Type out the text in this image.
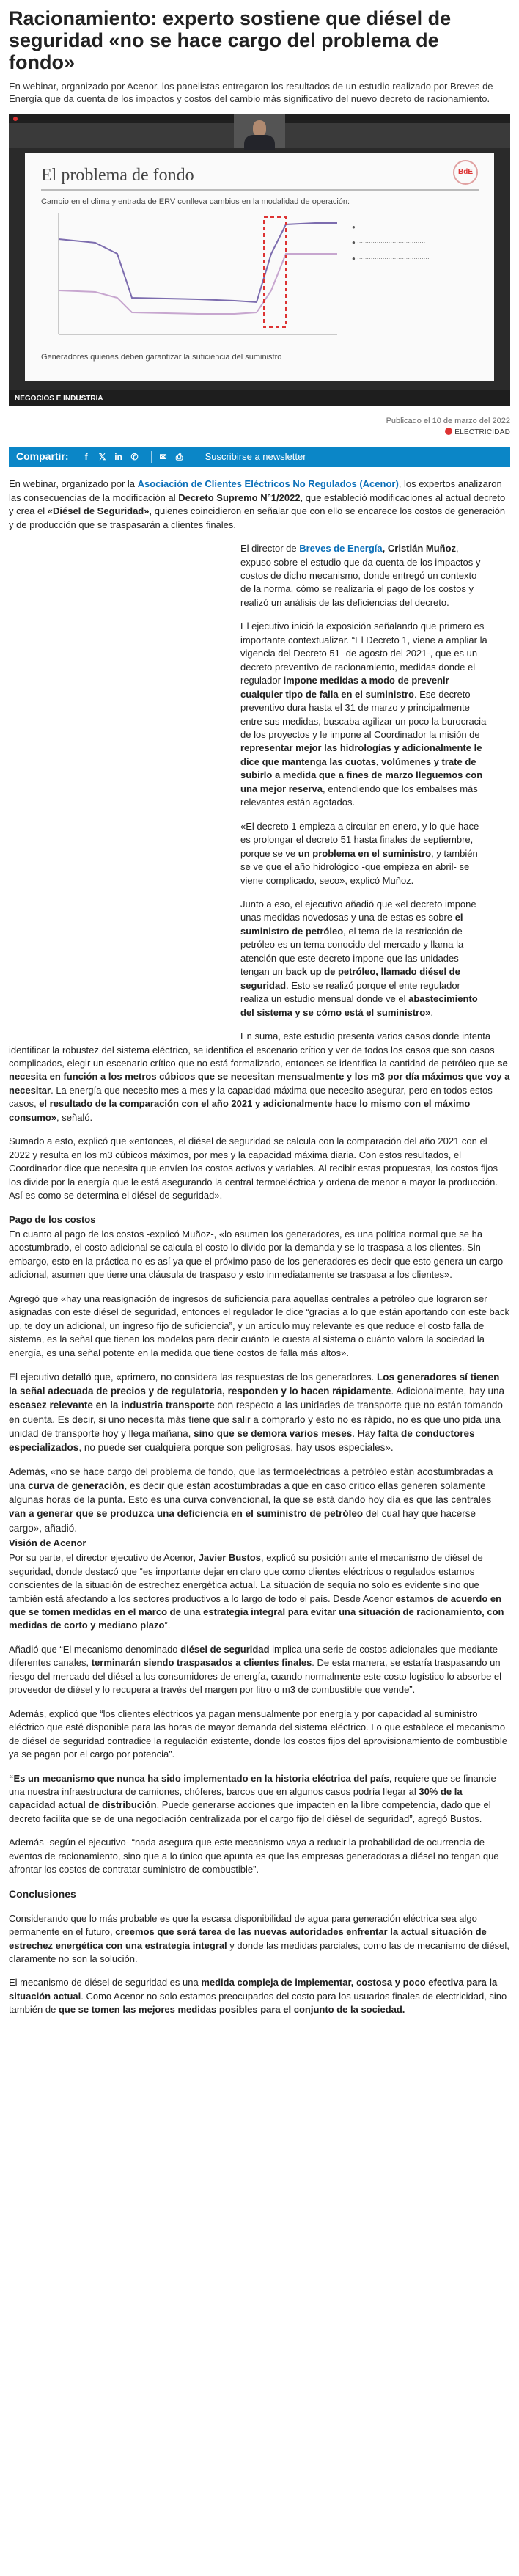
Racionamiento: experto sostiene que diésel de seguridad «no se hace cargo del problema de fondo»

En webinar, organizado por Acenor, los panelistas entregaron los resultados de un estudio realizado por Breves de Energía que da cuenta de los impactos y costos del cambio más significativo del nuevo decreto de racionamiento.

El problema de fondo	BdE
Cambio en el clima y entrada de ERV conlleva cambios en la modalidad de operación:
● ····························
● ···································
● ·····································
Generadores quienes deben garantizar la suficiencia del suministro
NEGOCIOS E INDUSTRIA
Publicado el 10 de marzo del 2022
ELECTRICIDAD
Compartir:	f	𝕏 in ✆ ✉ ⎙ Suscribirse a newsletter

En webinar, organizado por la Asociación de Clientes Eléctricos No Regulados (Acenor), los expertos analizaron las consecuencias de la modificación al Decreto Supremo N°1/2022, que estableció modificaciones al actual decreto y crea el «Diésel de Seguridad», quienes coincidieron en señalar que con ello se encarece los costos de generación y de producción que se traspasarán a clientes finales.

El director de Breves de Energía, Cristián Muñoz, expuso sobre el estudio que da cuenta de los impactos y costos de dicho mecanismo, donde entregó un contexto de la norma, cómo se realizaría el pago de los costos y realizó un análisis de las deficiencias del decreto.

El ejecutivo inició la exposición señalando que primero es importante contextualizar. “El Decreto 1, viene a ampliar la vigencia del Decreto 51 -de agosto del 2021-, que es un decreto preventivo de racionamiento, medidas donde el regulador impone medidas a modo de prevenir cualquier tipo de falla en el suministro. Ese decreto preventivo dura hasta el 31 de marzo y principalmente entre sus medidas, buscaba agilizar un poco la burocracia de los proyectos y le impone al Coordinador la misión de representar mejor las hidrologías y adicionalmente le dice que mantenga las cuotas, volúmenes y trate de subirlo a medida que a fines de marzo lleguemos con una mejor reserva, entendiendo que los embalses más relevantes están agotados.

«El decreto 1 empieza a circular en enero, y lo que hace es prolongar el decreto 51 hasta finales de septiembre, porque se ve un problema en el suministro, y también se ve que el año hidrológico -que empieza en abril- se viene complicado, seco», explicó Muñoz.

Junto a eso, el ejecutivo añadió que «el decreto impone unas medidas novedosas y una de estas es sobre el suministro de petróleo, el tema de la restricción de petróleo es un tema conocido del mercado y llama la atención que este decreto impone que las unidades tengan un back up de petróleo, llamado diésel de seguridad. Esto se realizó porque el ente regulador realiza un estudio mensual donde ve el abastecimiento del sistema y se cómo está el suministro».

En suma, este estudio presenta varios casos donde intenta identificar la robustez del sistema eléctrico, se identifica el escenario crítico y ver de todos los casos que son casos complicados, elegir un escenario crítico que no está formalizado, entonces se identifica la cantidad de petróleo que se necesita en función a los metros cúbicos que se necesitan mensualmente y los m3 por día máximos que voy a necesitar. La energía que necesito mes a mes y la capacidad máxima que necesito asegurar, pero en todos estos casos, el resultado de la comparación con el año 2021 y adicionalmente hace lo mismo con el máximo consumo», señaló.

Sumado a esto, explicó que «entonces, el diésel de seguridad se calcula con la comparación del año 2021 con el 2022 y resulta en los m3 cúbicos máximos, por mes y la capacidad máxima diaria. Con estos resultados, el Coordinador dice que necesita que envíen los costos activos y variables. Al recibir estas propuestas, los costos fijos los divide por la energía que le está asegurando la central termoeléctrica y ordena de menor a mayor la producción. Así es como se determina el diésel de seguridad».

Pago de los costos

En cuanto al pago de los costos -explicó Muñoz-, «lo asumen los generadores, es una política normal que se ha acostumbrado, el costo adicional se calcula el costo lo divido por la demanda y se lo traspasa a los clientes. Sin embargo, esto en la práctica no es así ya que el próximo paso de los generadores es decir que esto genera un cargo adicional, asumen que tiene una cláusula de traspaso y esto inmediatamente se traspasa a los clientes».

Agregó que «hay una reasignación de ingresos de suficiencia para aquellas centrales a petróleo que lograron ser asignadas con este diésel de seguridad, entonces el regulador le dice “gracias a lo que están aportando con este back up, te doy un adicional, un ingreso fijo de suficiencia”, y un artículo muy relevante es que reduce el costo falla de sistema, es la señal que tienen los modelos para decir cuánto le cuesta al sistema o cuánto valora la sociedad la energía, es una señal potente en la medida que tiene costos de falla más altos».

El ejecutivo detalló que, «primero, no considera las respuestas de los generadores. Los generadores sí tienen la señal adecuada de precios y de regulatoria, responden y lo hacen rápidamente. Adicionalmente, hay una escasez relevante en la industria transporte con respecto a las unidades de transporte que no están tomando en cuenta. Es decir, si uno necesita más tiene que salir a comprarlo y esto no es rápido, no es que uno pida una unidad de transporte hoy y llega mañana, sino que se demora varios meses. Hay falta de conductores especializados, no puede ser cualquiera porque son peligrosas, hay usos especiales».

Además, «no se hace cargo del problema de fondo, que las termoeléctricas a petróleo están acostumbradas a una curva de generación, es decir que están acostumbradas a que en caso crítico ellas generen solamente algunas horas de la punta. Esto es una curva convencional, la que se está dando hoy día es que las centrales van a generar que se produzca una deficiencia en el suministro de petróleo del cual hay que hacerse cargo», añadió.

Visión de Acenor

Por su parte, el director ejecutivo de Acenor, Javier Bustos, explicó su posición ante el mecanismo de diésel de seguridad, donde destacó que “es importante dejar en claro que como clientes eléctricos o regulados estamos conscientes de la situación de estrechez energética actual. La situación de sequía no solo es evidente sino que también está afectando a los sectores productivos a lo largo de todo el país. Desde Acenor estamos de acuerdo en que se tomen medidas en el marco de una estrategia integral para evitar una situación de racionamiento, con medidas de corto y mediano plazo”.

Añadió que “El mecanismo denominado diésel de seguridad implica una serie de costos adicionales que mediante diferentes canales, terminarán siendo traspasados a clientes finales. De esta manera, se estaría traspasando un riesgo del mercado del diésel a los consumidores de energía, cuando normalmente este costo logístico lo absorbe el proveedor de diésel y lo recupera a través del margen por litro o m3 de combustible que vende”.

Además, explicó que “los clientes eléctricos ya pagan mensualmente por energía y por capacidad al suministro eléctrico que esté disponible para las horas de mayor demanda del sistema eléctrico. Lo que establece el mecanismo de diésel de seguridad contradice la regulación existente, donde los costos fijos del aprovisionamiento de combustible ya se pagan por el cargo por potencia”.

“Es un mecanismo que nunca ha sido implementado en la historia eléctrica del país, requiere que se financie una nuestra infraestructura de camiones, chóferes, barcos que en algunos casos podría llegar al 30% de la capacidad actual de distribución. Puede generarse acciones que impacten en la libre competencia, dado que el decreto facilita que se de una negociación centralizada por el cargo fijo del diésel de seguridad”, agregó Bustos.

Además -según el ejecutivo- “nada asegura que este mecanismo vaya a reducir la probabilidad de ocurrencia de eventos de racionamiento, sino que a lo único que apunta es que las empresas generadoras a diésel no tengan que afrontar los costos de contratar suministro de combustible”.

Conclusiones

Considerando que lo más probable es que la escasa disponibilidad de agua para generación eléctrica sea algo permanente en el futuro, creemos que será tarea de las nuevas autoridades enfrentar la actual situación de estrechez energética con una estrategia integral y donde las medidas parciales, como las de mecanismo de diésel, claramente no son la solución.

El mecanismo de diésel de seguridad es una medida compleja de implementar, costosa y poco efectiva para la situación actual. Como Acenor no solo estamos preocupados del costo para los usuarios finales de electricidad, sino también de que se tomen las mejores medidas posibles para el conjunto de la sociedad.
